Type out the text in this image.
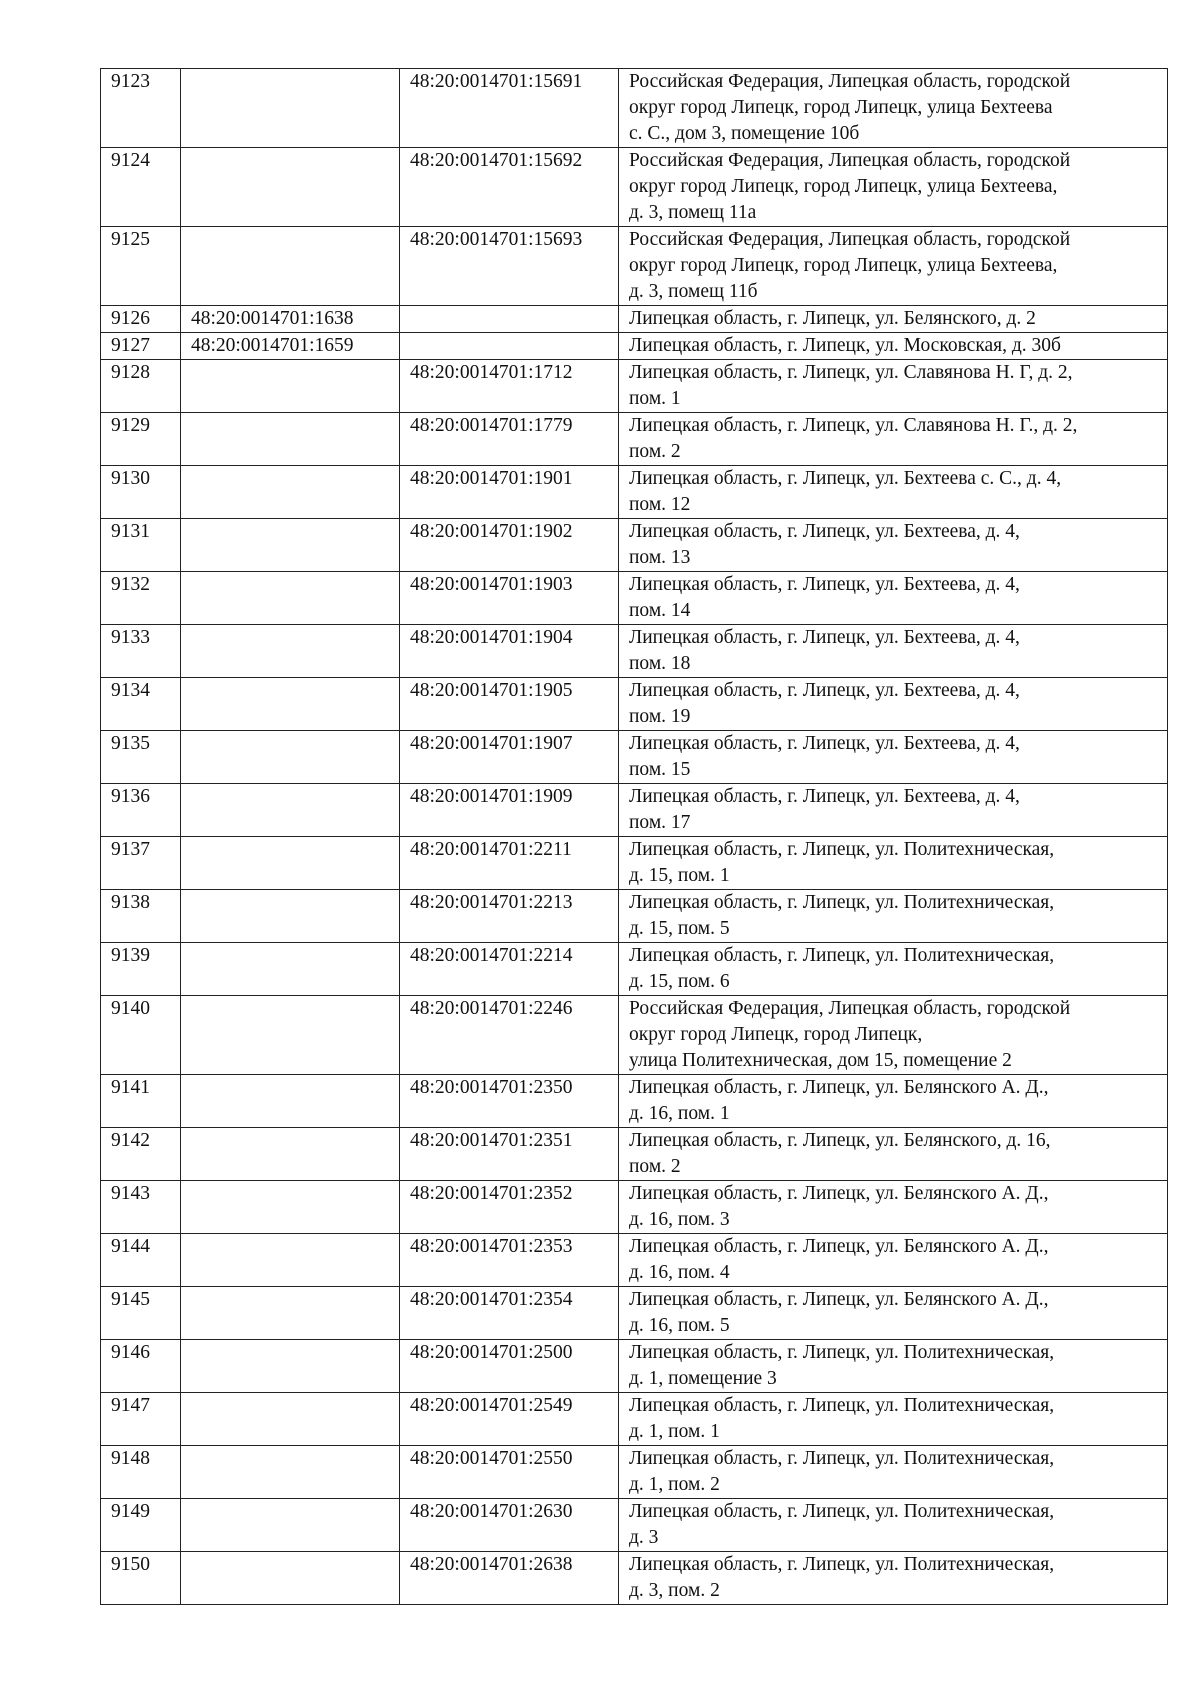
9123		48:20:0014701:15691	Российская Федерация, Липецкая область, городской
округ город Липецк, город Липецк, улица Бехтеева
с. С., дом 3, помещение 10б
9124		48:20:0014701:15692	Российская Федерация, Липецкая область, городской
округ город Липецк, город Липецк, улица Бехтеева,
д. 3, помещ 11а
9125		48:20:0014701:15693	Российская Федерация, Липецкая область, городской
округ город Липецк, город Липецк, улица Бехтеева,
д. 3, помещ 11б
9126	48:20:0014701:1638		Липецкая область, г. Липецк, ул. Белянского, д. 2
9127	48:20:0014701:1659		Липецкая область, г. Липецк, ул. Московская, д. 30б
9128		48:20:0014701:1712	Липецкая область, г. Липецк, ул. Славянова Н. Г, д. 2,
пом. 1
9129		48:20:0014701:1779	Липецкая область, г. Липецк, ул. Славянова Н. Г., д. 2,
пом. 2
9130		48:20:0014701:1901	Липецкая область, г. Липецк, ул. Бехтеева с. С., д. 4,
пом. 12
9131		48:20:0014701:1902	Липецкая область, г. Липецк, ул. Бехтеева, д. 4,
пом. 13
9132		48:20:0014701:1903	Липецкая область, г. Липецк, ул. Бехтеева, д. 4,
пом. 14
9133		48:20:0014701:1904	Липецкая область, г. Липецк, ул. Бехтеева, д. 4,
пом. 18
9134		48:20:0014701:1905	Липецкая область, г. Липецк, ул. Бехтеева, д. 4,
пом. 19
9135		48:20:0014701:1907	Липецкая область, г. Липецк, ул. Бехтеева, д. 4,
пом. 15
9136		48:20:0014701:1909	Липецкая область, г. Липецк, ул. Бехтеева, д. 4,
пом. 17
9137		48:20:0014701:2211	Липецкая область, г. Липецк, ул. Политехническая,
д. 15, пом. 1
9138		48:20:0014701:2213	Липецкая область, г. Липецк, ул. Политехническая,
д. 15, пом. 5
9139		48:20:0014701:2214	Липецкая область, г. Липецк, ул. Политехническая,
д. 15, пом. 6
9140		48:20:0014701:2246	Российская Федерация, Липецкая область, городской
округ город Липецк, город Липецк,
улица Политехническая, дом 15, помещение 2
9141		48:20:0014701:2350	Липецкая область, г. Липецк, ул. Белянского А. Д.,
д. 16, пом. 1
9142		48:20:0014701:2351	Липецкая область, г. Липецк, ул. Белянского, д. 16,
пом. 2
9143		48:20:0014701:2352	Липецкая область, г. Липецк, ул. Белянского А. Д.,
д. 16, пом. 3
9144		48:20:0014701:2353	Липецкая область, г. Липецк, ул. Белянского А. Д.,
д. 16, пом. 4
9145		48:20:0014701:2354	Липецкая область, г. Липецк, ул. Белянского А. Д.,
д. 16, пом. 5
9146		48:20:0014701:2500	Липецкая область, г. Липецк, ул. Политехническая,
д. 1, помещение 3
9147		48:20:0014701:2549	Липецкая область, г. Липецк, ул. Политехническая,
д. 1, пом. 1
9148		48:20:0014701:2550	Липецкая область, г. Липецк, ул. Политехническая,
д. 1, пом. 2
9149		48:20:0014701:2630	Липецкая область, г. Липецк, ул. Политехническая,
д. 3
9150		48:20:0014701:2638	Липецкая область, г. Липецк, ул. Политехническая,
д. 3, пом. 2
